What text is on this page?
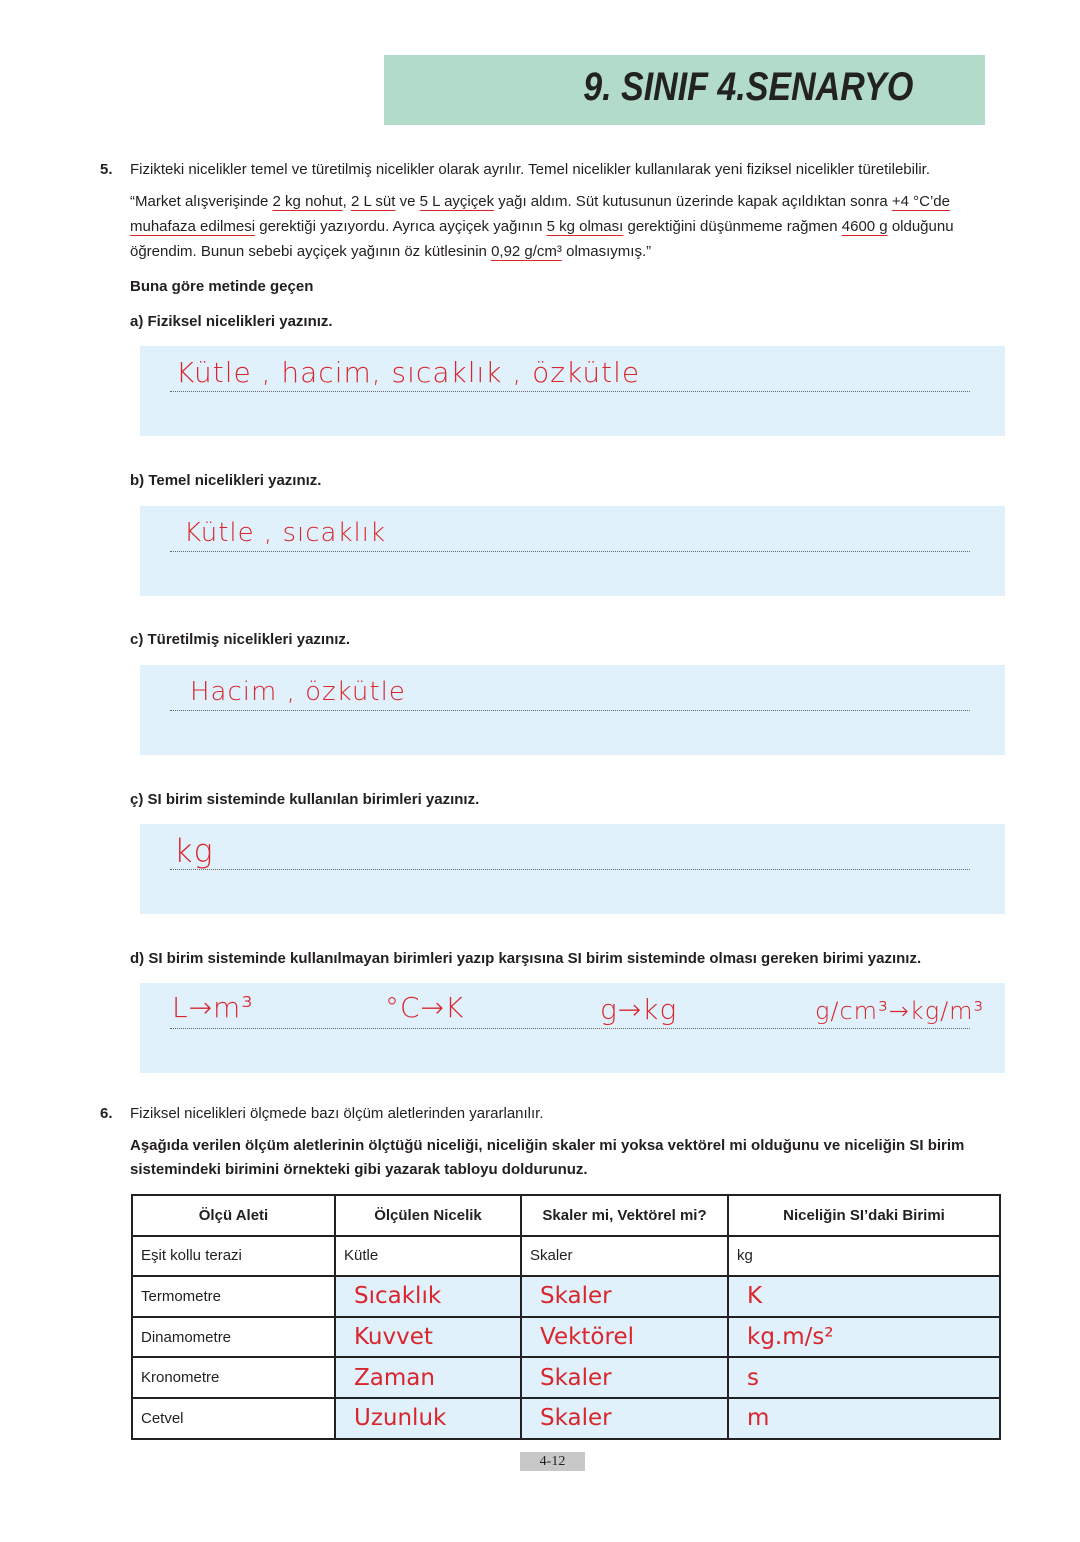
9. SINIF 4.SENARYO
5. Fizikteki nicelikler temel ve türetilmiş nicelikler olarak ayrılır. Temel nicelikler kullanılarak yeni fiziksel nicelikler türetilebilir.
“Market alışverişinde 2 kg nohut, 2 L süt ve 5 L ayçiçek yağı aldım. Süt kutusunun üzerinde kapak açıldıktan sonra +4 °C’de muhafaza edilmesi gerektiği yazıyordu. Ayrıca ayçiçek yağının 5 kg olması gerektiğini düşünmeme rağmen 4600 g olduğunu öğrendim. Bunun sebebi ayçiçek yağının öz kütlesinin 0,92 g/cm³ olmasıymış.”
Buna göre metinde geçen
a) Fiziksel nicelikleri yazınız.
Kütle , hacim, sıcaklık , özkütle
b) Temel nicelikleri yazınız.
Kütle , sıcaklık
c) Türetilmiş nicelikleri yazınız.
Hacim , özkütle
ç) SI birim sisteminde kullanılan birimleri yazınız.
kg
d) SI birim sisteminde kullanılmayan birimleri yazıp karşısına SI birim sisteminde olması gereken birimi yazınız.
L→m³	°C→K	g→kg	g/cm³→kg/m³
6. Fiziksel nicelikleri ölçmede bazı ölçüm aletlerinden yararlanılır.
Aşağıda verilen ölçüm aletlerinin ölçtüğü niceliği, niceliğin skaler mi yoksa vektörel mi olduğunu ve niceliğin SI birim sistemindeki birimini örnekteki gibi yazarak tabloyu doldurunuz.
Ölçü Aleti	Ölçülen Nicelik	Skaler mi, Vektörel mi?	Niceliğin SI’daki Birimi
Eşit kollu terazi	Kütle	Skaler	kg
Termometre	Sıcaklık	Skaler	K
Dinamometre	Kuvvet	Vektörel	kg.m/s²
Kronometre	Zaman	Skaler	s
Cetvel	Uzunluk	Skaler	m
4-12
